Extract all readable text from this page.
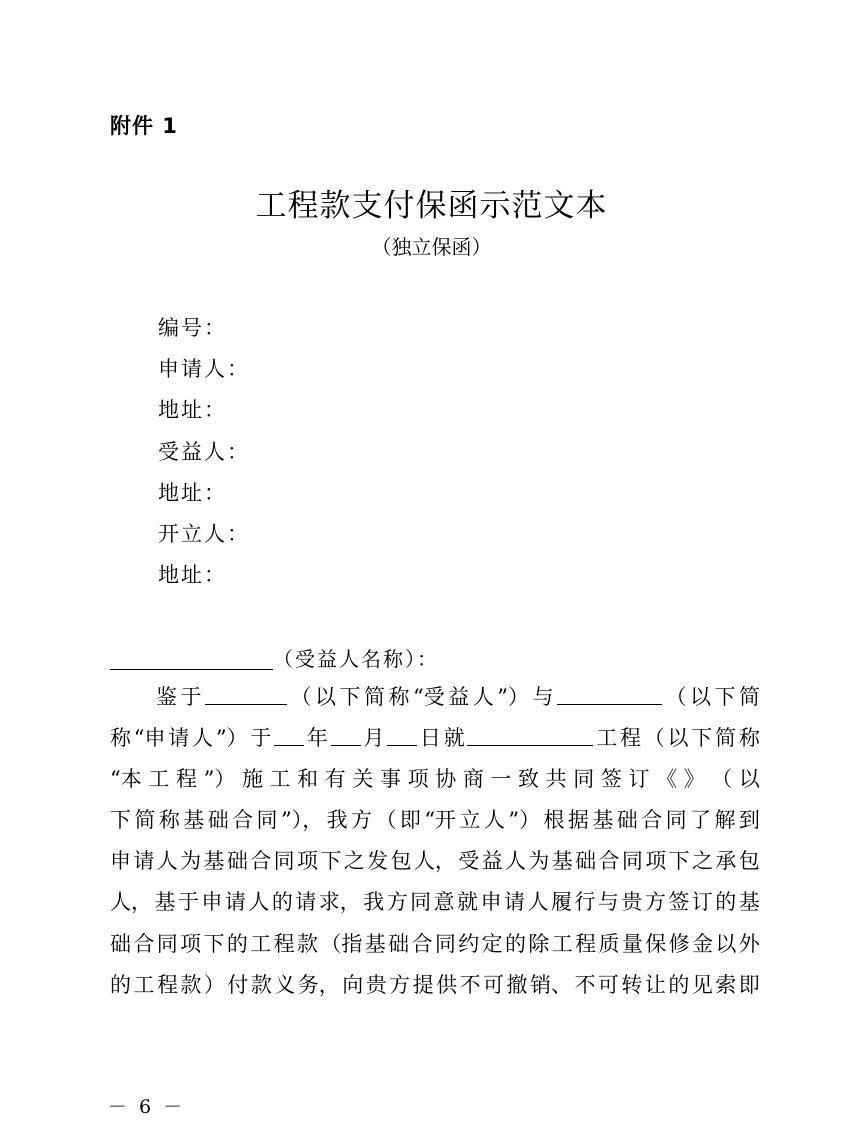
附件 1
工程款支付保函示范文本
（独立保函）
编号：
申请人：
地址：
受益人：
地址：
开立人：
地址：
（受益人名称）：
鉴 于	（ 以 下 简 称 “受 益 人 ”） 与	（ 以 下 简
称 “申 请 人 ”） 于 年 月 日 就	工 程 （ 以 下 简 称
“本 工 程 ”） 施 工 和 有 关 事 项 协 商 一 致 共 同 签 订 《 》 （ 以
下 简 称 基 础 合 同 ”）， 我 方 （ 即 “开 立 人 ”） 根 据 基 础 合 同 了 解 到
申 请 人 为 基 础 合 同 项 下 之 发 包 人， 受 益 人 为 基 础 合 同 项 下 之 承 包
人， 基 于 申 请 人 的 请 求， 我 方 同 意 就 申 请 人 履 行 与 贵 方 签 订 的 基
础 合 同 项 下 的 工 程 款 （指 基 础 合 同 约 定 的 除 工 程 质 量 保 修 金 以 外
的 工 程 款 ） 付 款 义 务， 向 贵 方 提 供 不 可 撤 销、 不 可 转 让 的 见 索 即
－ 6 －
